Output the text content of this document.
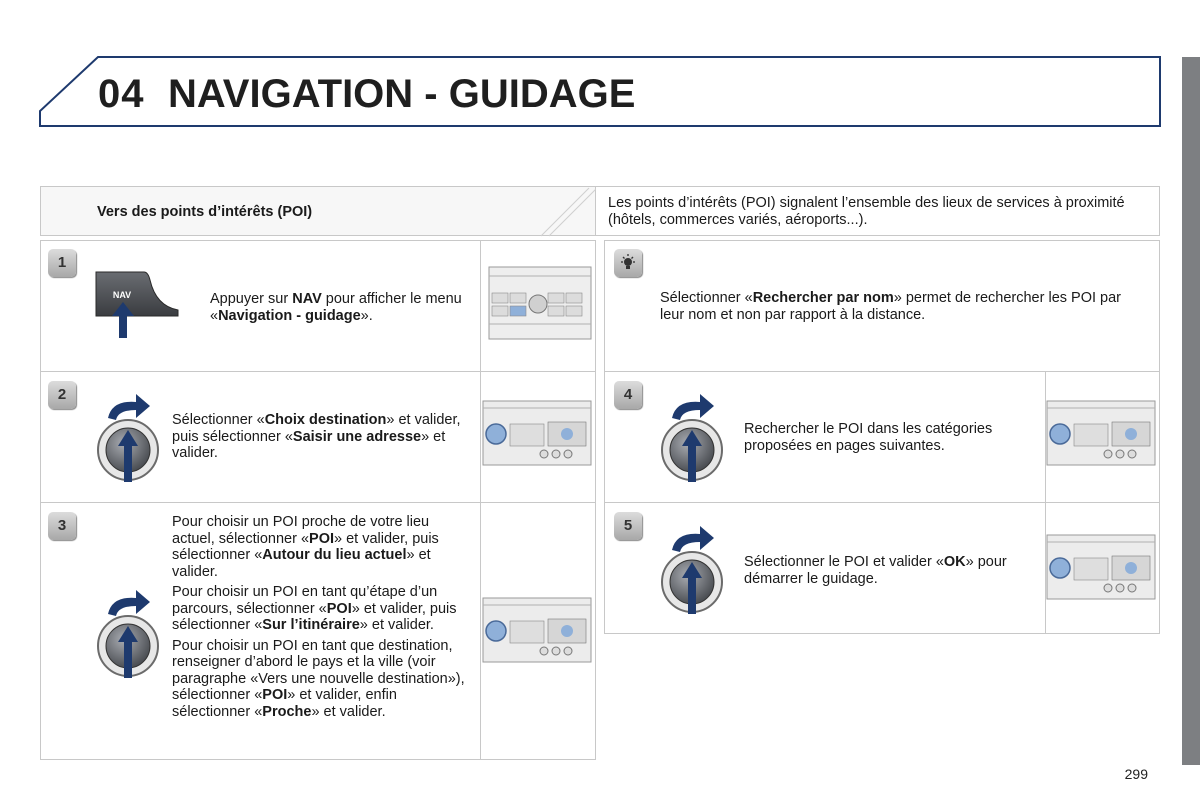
04 NAVIGATION - GUIDAGE
Vers des points d’intérêts (POI)
Les points d’intérêts (POI) signalent l’ensemble des lieux de services à proximité (hôtels, commerces variés, aéroports...).
1
2
3
4
5
NAV	Appuyer sur NAV pour afficher le menu «Navigation - guidage».
Sélectionner «Choix destination» et valider, puis sélectionner «Saisir une adresse» et valider.
Pour choisir un POI proche de votre lieu actuel, sélectionner «POI» et valider, puis sélectionner «Autour du lieu actuel» et valider.
Pour choisir un POI en tant qu’étape d’un parcours, sélectionner «POI» et valider, puis sélectionner «Sur l’itinéraire» et valider.
Pour choisir un POI en tant que destination, renseigner d’abord le pays et la ville (voir paragraphe «Vers une nouvelle destination»), sélectionner «POI» et valider, enfin sélectionner «Proche» et valider.
Sélectionner «Rechercher par nom» permet de rechercher les POI par leur nom et non par rapport à la distance.
Rechercher le POI dans les catégories proposées en pages suivantes.
Sélectionner le POI et valider «OK» pour démarrer le guidage.
299
